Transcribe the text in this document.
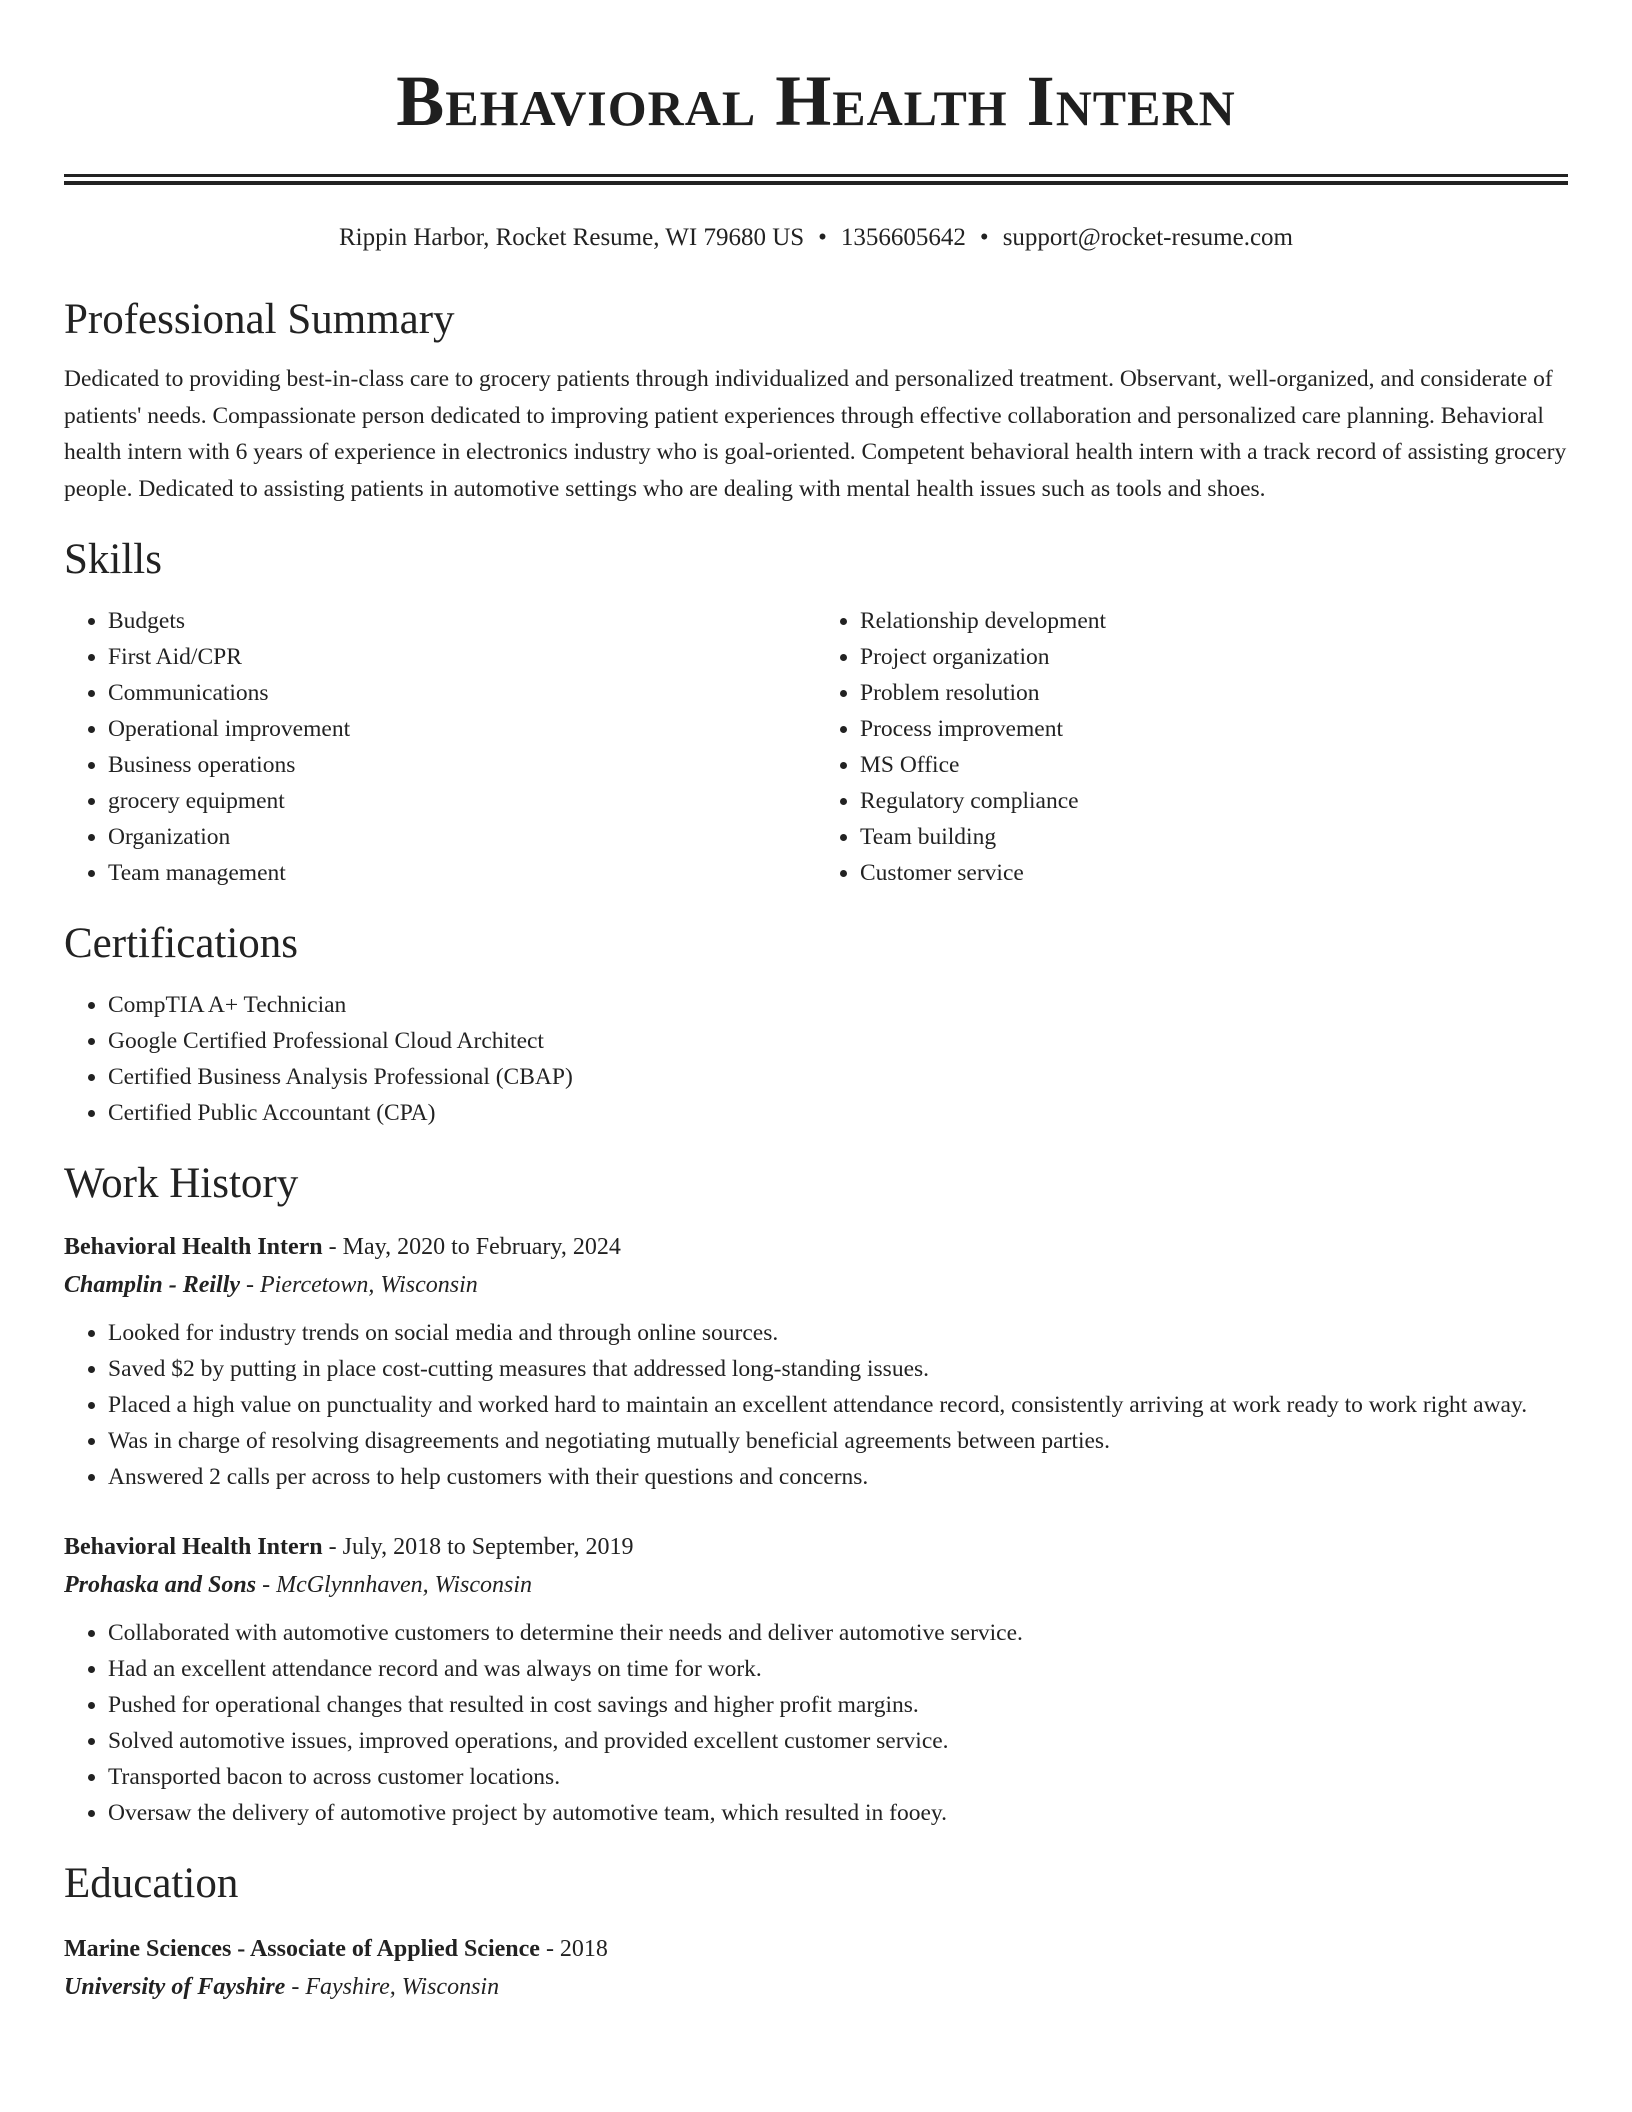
Behavioral Health Intern
Rippin Harbor, Rocket Resume, WI 79680 US • 1356605642 • support@rocket-resume.com
Professional Summary

Dedicated to providing best-in-class care to grocery patients through individualized and personalized treatment. Observant, well-organized, and considerate of patients' needs. Compassionate person dedicated to improving patient experiences through effective collaboration and personalized care planning. Behavioral health intern with 6 years of experience in electronics industry who is goal-oriented. Competent behavioral health intern with a track record of assisting grocery people. Dedicated to assisting patients in automotive settings who are dealing with mental health issues such as tools and shoes.

Skills
• Budgets
• First Aid/CPR
• Communications
• Operational improvement
• Business operations
• grocery equipment
• Organization
• Team management
• Relationship development
• Project organization
• Problem resolution
• Process improvement
• MS Office
• Regulatory compliance
• Team building
• Customer service
Certifications
• CompTIA A+ Technician
• Google Certified Professional Cloud Architect
• Certified Business Analysis Professional (CBAP)
• Certified Public Accountant (CPA)
Work History

Behavioral Health Intern - May, 2020 to February, 2024

Champlin - Reilly - Piercetown, Wisconsin

• Looked for industry trends on social media and through online sources.
• Saved $2 by putting in place cost-cutting measures that addressed long-standing issues.
• Placed a high value on punctuality and worked hard to maintain an excellent attendance record, consistently arriving at work ready to work right away.
• Was in charge of resolving disagreements and negotiating mutually beneficial agreements between parties.
• Answered 2 calls per across to help customers with their questions and concerns.

Behavioral Health Intern - July, 2018 to September, 2019

Prohaska and Sons - McGlynnhaven, Wisconsin

• Collaborated with automotive customers to determine their needs and deliver automotive service.
• Had an excellent attendance record and was always on time for work.
• Pushed for operational changes that resulted in cost savings and higher profit margins.
• Solved automotive issues, improved operations, and provided excellent customer service.
• Transported bacon to across customer locations.
• Oversaw the delivery of automotive project by automotive team, which resulted in fooey.
Education

Marine Sciences - Associate of Applied Science - 2018

University of Fayshire - Fayshire, Wisconsin
